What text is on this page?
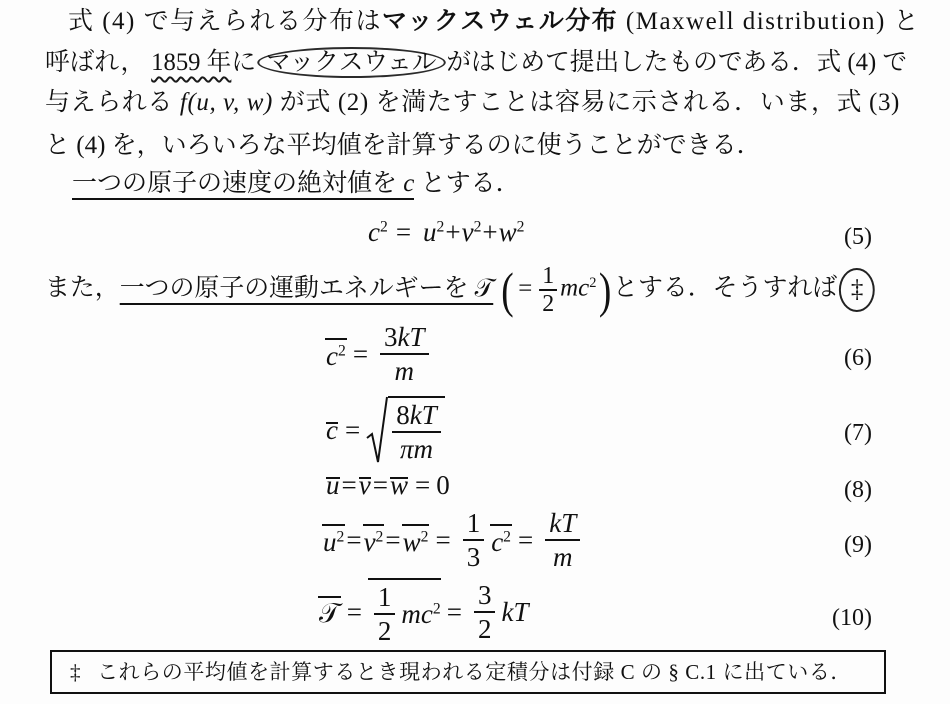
式 (4) で与えられる分布はマックスウェル分布 (Maxwell distribution) と
呼ばれ， 1859 年に マックスウェル がはじめて提出したものである．式 (4) で
与えられる f(u, v, w) が式 (2) を満たすことは容易に示される．いま，式 (3)
と (4) を，いろいろな平均値を計算するのに使うことができる．
一つの原子の速度の絶対値を c とする．
$c^2 = u^2+v^2+w^2$	(5)
また，一つの原子の運動エネルギーを 𝒯 ( = $\frac{1}{2} mc^2$)とする．そうすれば ‡
$c^2 = \frac{3kT}{m}$	(6)
$c = \frac{8kT}{\pi m}$	(7)
u = v = w = 0	(8)
$u^2 = v^2 = w^2 = \frac{1}{3} c^2 = \frac{kT}{m}$	(9)
𝒯 = $\frac{1}{2} mc^2 = \frac{3}{2}$ kT	(10)
‡ これらの平均値を計算するとき現われる定積分は付録 C の § C.1 に出ている．
